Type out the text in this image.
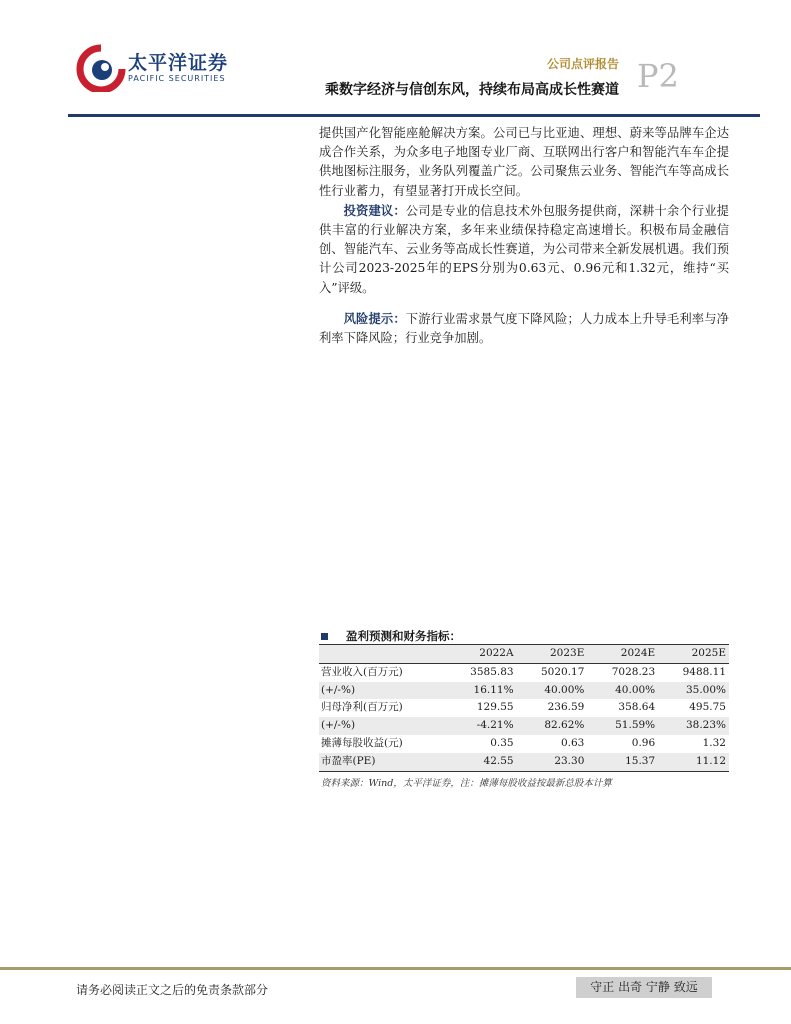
太平洋证券
PACIFIC SECURITIES
公司点评报告
乘数字经济与信创东风，持续布局高成长性赛道 P2

提供国产化智能座舱解决方案。公司已与比亚迪、理想、蔚来等品牌车企达成合作关系，为众多电子地图专业厂商、互联网出行客户和智能汽车车企提供地图标注服务，业务队列覆盖广泛。公司聚焦云业务、智能汽车等高成长性行业蓄力，有望显著打开成长空间。

投资建议：公司是专业的信息技术外包服务提供商，深耕十余个行业提供丰富的行业解决方案，多年来业绩保持稳定高速增长。积极布局金融信创、智能汽车、云业务等高成长性赛道，为公司带来全新发展机遇。我们预计公司2023-2025年的EPS分别为0.63元、0.96元和1.32元，维持“买入”评级。

风险提示：下游行业需求景气度下降风险；人力成本上升导毛利率与净利率下降风险；行业竞争加剧。

盈利预测和财务指标：
	2022A	2023E	2024E	2025E
营业收入(百万元)	3585.83	5020.17	7028.23	9488.11
(+/-%)	16.11%	40.00%	40.00%	35.00%
归母净利(百万元)	129.55	236.59	358.64	495.75
(+/-%)	-4.21%	82.62%	51.59%	38.23%
摊薄每股收益(元)	0.35	0.63	0.96	1.32
市盈率(PE)	42.55	23.30	15.37	11.12
资料来源：Wind，太平洋证券，注：摊薄每股收益按最新总股本计算
请务必阅读正文之后的免责条款部分	守正 出奇 宁静 致远
